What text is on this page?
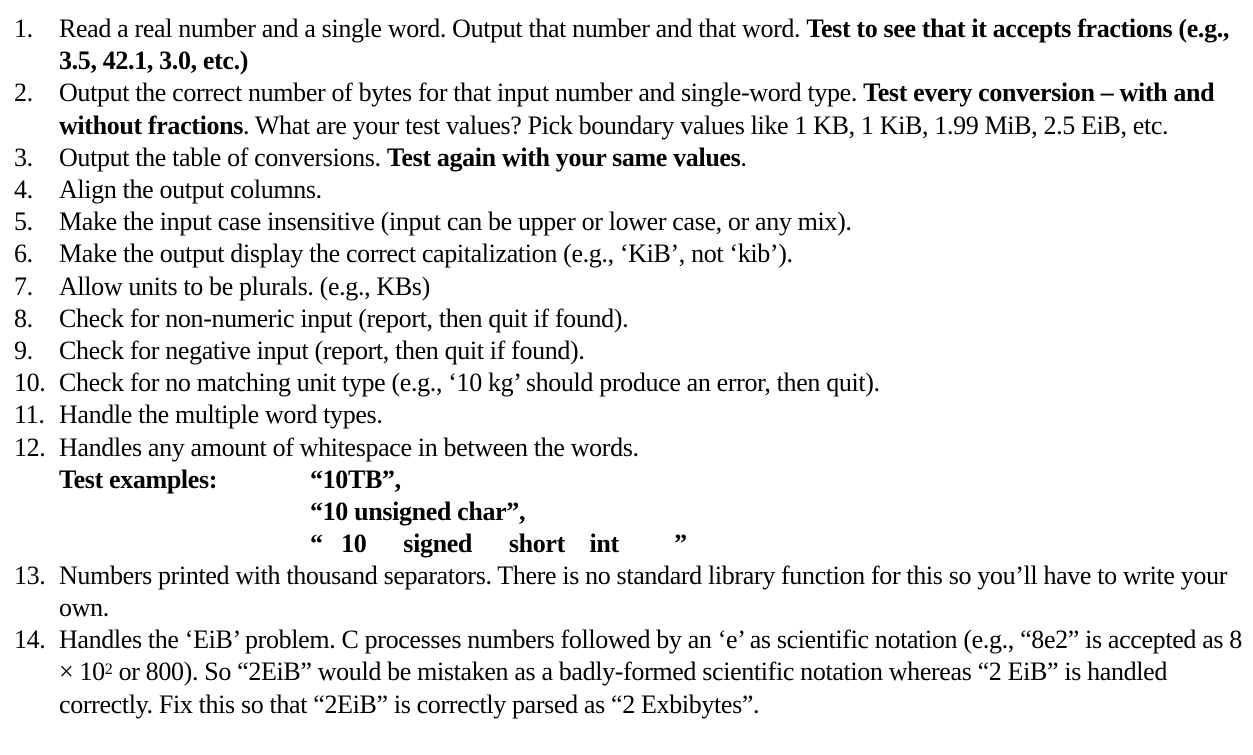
1. Read a real number and a single word. Output that number and that word. Test to see that it accepts fractions (e.g., 3.5, 42.1, 3.0, etc.)
2. Output the correct number of bytes for that input number and single-word type. Test every conversion – with and without fractions. What are your test values? Pick boundary values like 1 KB, 1 KiB, 1.99 MiB, 2.5 EiB, etc.
3. Output the table of conversions. Test again with your same values.
4. Align the output columns.
5. Make the input case insensitive (input can be upper or lower case, or any mix).
6. Make the output display the correct capitalization (e.g., ‘KiB’, not ‘kib’).
7. Allow units to be plurals. (e.g., KBs)
8. Check for non-numeric input (report, then quit if found).
9. Check for negative input (report, then quit if found).
10. Check for no matching unit type (e.g., ‘10 kg’ should produce an error, then quit).
11. Handle the multiple word types.
12. Handles any amount of whitespace in between the words.
Test examples:	“10TB”,
“10 unsigned char”,
“   10      signed      short    int         ”
13. Numbers printed with thousand separators. There is no standard library function for this so you’ll have to write your own.
14. Handles the ‘EiB’ problem. C processes numbers followed by an ‘e’ as scientific notation (e.g., “8e2” is accepted as $8 \times 10^2$ or 800). So “2EiB” would be mistaken as a badly-formed scientific notation whereas “2 EiB” is handled correctly. Fix this so that “2EiB” is correctly parsed as “2 Exbibytes”.
